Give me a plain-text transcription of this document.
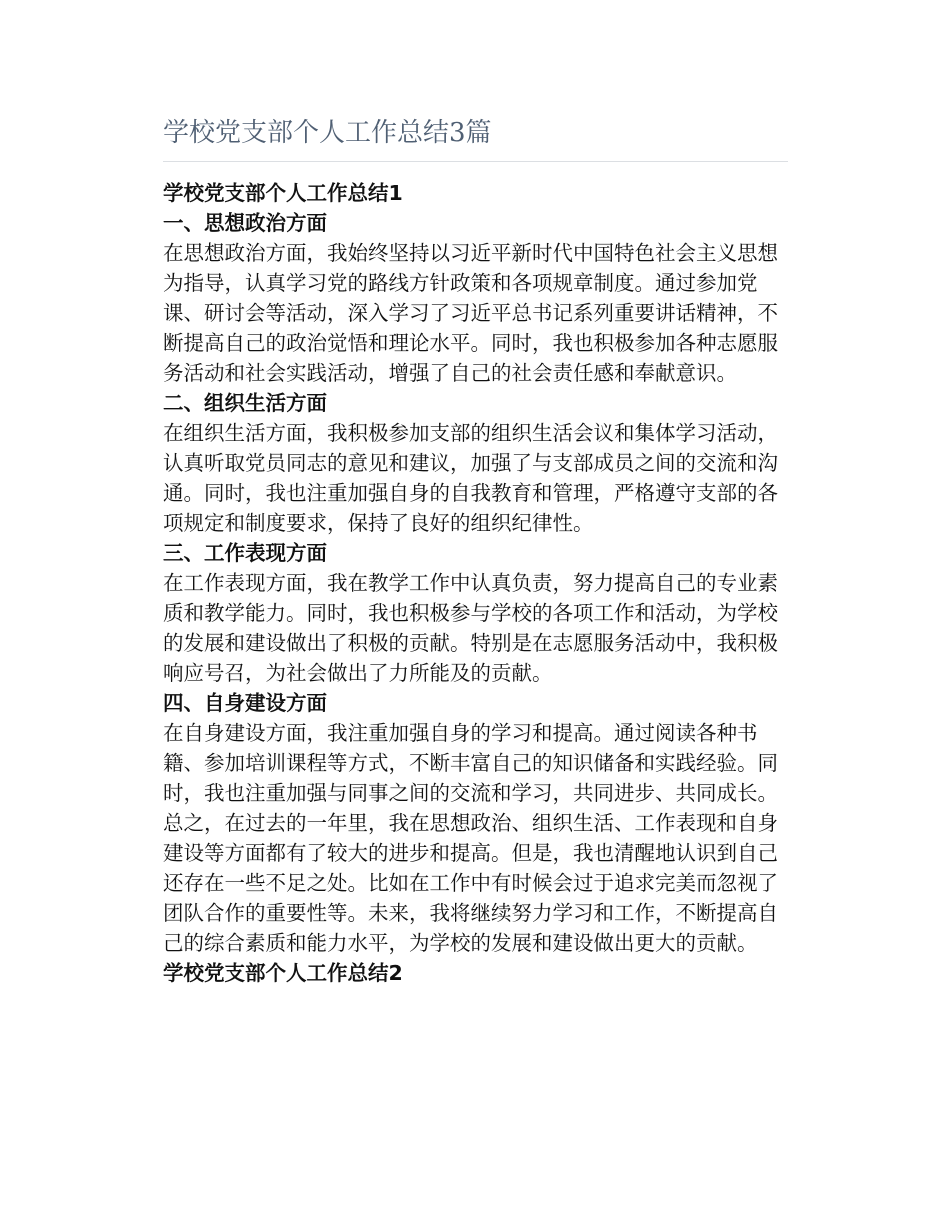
学校党支部个人工作总结3篇
学校党支部个人工作总结1
一、思想政治方面

在思想政治方面，我始终坚持以习近平新时代中国特色社会主义思想为指导，认真学习党的路线方针政策和各项规章制度。通过参加党课、研讨会等活动，深入学习了习近平总书记系列重要讲话精神，不断提高自己的政治觉悟和理论水平。同时，我也积极参加各种志愿服务活动和社会实践活动，增强了自己的社会责任感和奉献意识。

二、组织生活方面

在组织生活方面，我积极参加支部的组织生活会议和集体学习活动，认真听取党员同志的意见和建议，加强了与支部成员之间的交流和沟通。同时，我也注重加强自身的自我教育和管理，严格遵守支部的各项规定和制度要求，保持了良好的组织纪律性。

三、工作表现方面

在工作表现方面，我在教学工作中认真负责，努力提高自己的专业素质和教学能力。同时，我也积极参与学校的各项工作和活动，为学校的发展和建设做出了积极的贡献。特别是在志愿服务活动中，我积极响应号召，为社会做出了力所能及的贡献。

四、自身建设方面

在自身建设方面，我注重加强自身的学习和提高。通过阅读各种书籍、参加培训课程等方式，不断丰富自己的知识储备和实践经验。同时，我也注重加强与同事之间的交流和学习，共同进步、共同成长。

总之，在过去的一年里，我在思想政治、组织生活、工作表现和自身建设等方面都有了较大的进步和提高。但是，我也清醒地认识到自己还存在一些不足之处。比如在工作中有时候会过于追求完美而忽视了团队合作的重要性等。未来，我将继续努力学习和工作，不断提高自己的综合素质和能力水平，为学校的发展和建设做出更大的贡献。

学校党支部个人工作总结2
